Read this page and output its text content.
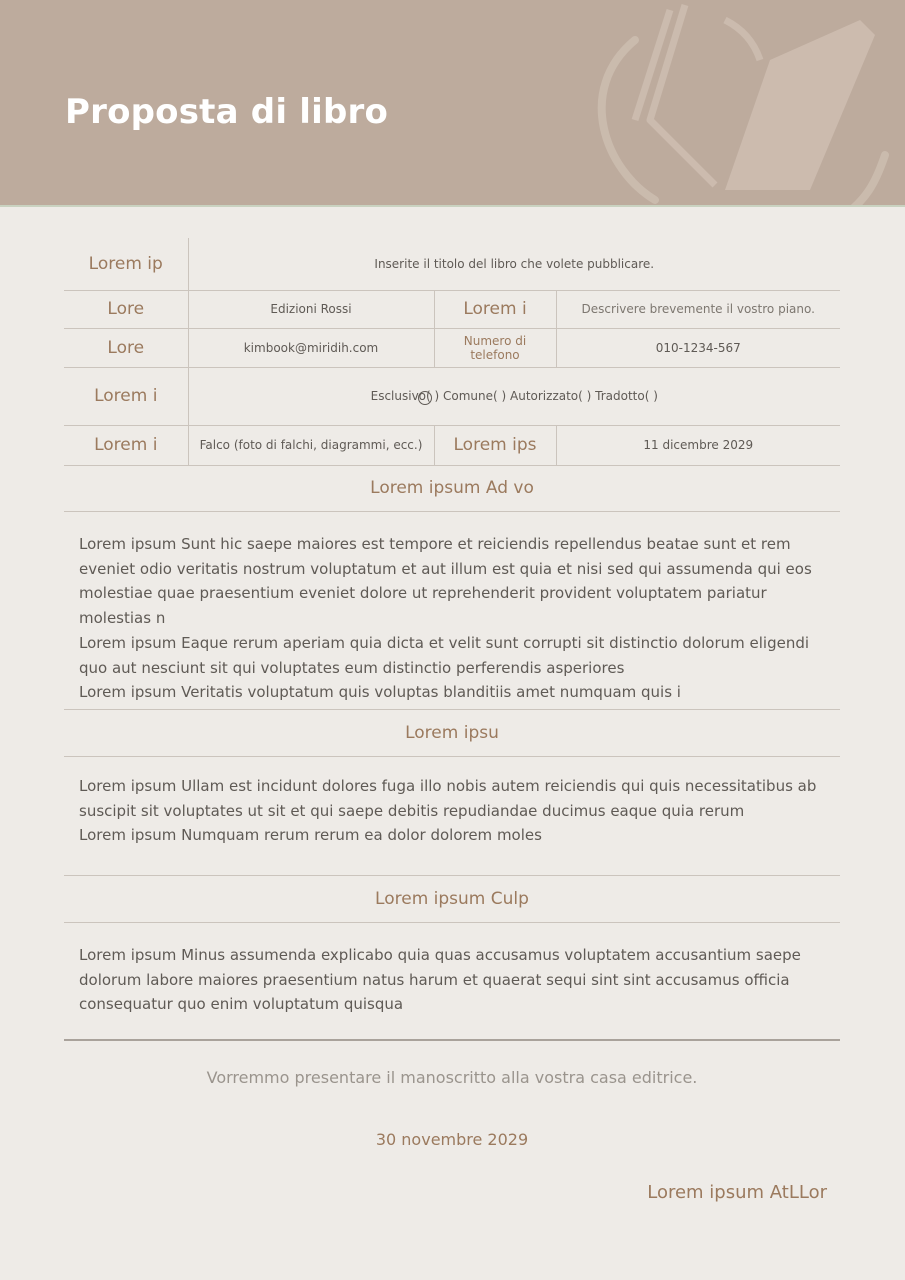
Proposta di libro
Lorem ip	Inserite il titolo del libro che volete pubblicare.		
Lore	Edizioni Rossi	Lorem i	Descrivere brevemente il vostro piano.
Lore	kimbook@miridih.com	Numero di telefono	010-1234-567
Lorem i	Esclusivo( ) Comune( ) Autorizzato( ) Tradotto( )		
Lorem i	Falco (foto di falchi, diagrammi, ecc.)	Lorem ips	11 dicembre 2029
Lorem ipsum Ad vo

Lorem ipsum Sunt hic saepe maiores est tempore et reiciendis repellendus beatae sunt et rem eveniet odio veritatis nostrum voluptatum et aut illum est quia et nisi sed qui assumenda qui eos molestiae quae praesentium eveniet dolore ut reprehenderit provident voluptatem pariatur molestias n

Lorem ipsum Eaque rerum aperiam quia dicta et velit sunt corrupti sit distinctio dolorum eligendi quo aut nesciunt sit qui voluptates eum distinctio perferendis asperiores

Lorem ipsum Veritatis voluptatum quis voluptas blanditiis amet numquam quis i

Lorem ipsu

Lorem ipsum Ullam est incidunt dolores fuga illo nobis autem reiciendis qui quis necessitatibus ab suscipit sit voluptates ut sit et qui saepe debitis repudiandae ducimus eaque quia rerum

Lorem ipsum Numquam rerum rerum ea dolor dolorem moles

Lorem ipsum Culp

Lorem ipsum Minus assumenda explicabo quia quas accusamus voluptatem accusantium saepe dolorum labore maiores praesentium natus harum et quaerat sequi sint sint accusamus officia consequatur quo enim voluptatum quisqua

Vorremmo presentare il manoscritto alla vostra casa editrice.
30 novembre 2029
Lorem ipsum AtLLor
